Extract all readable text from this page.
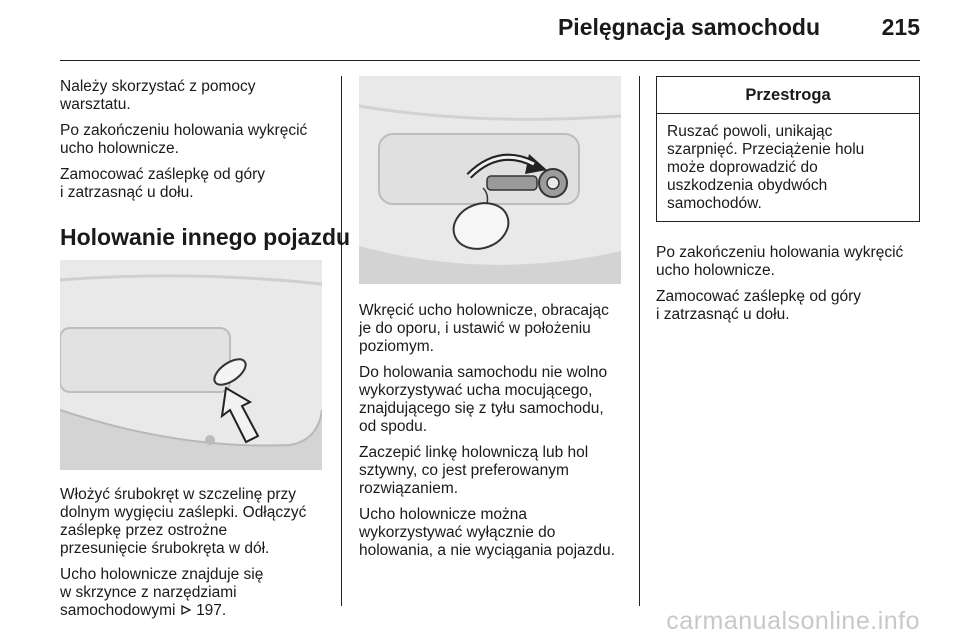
Pielęgnacja samochodu	215

Należy skorzystać z pomocy
warsztatu.

Po zakończeniu holowania wykręcić
ucho holownicze.

Zamocować zaślepkę od góry
i zatrzasnąć u dołu.

Holowanie innego pojazdu

Włożyć śrubokręt w szczelinę przy
dolnym wygięciu zaślepki. Odłączyć
zaślepkę przez ostrożne
przesunięcie śrubokręta w dół.

Ucho holownicze znajduje się
w skrzynce z narzędziami
samochodowymi 197.

Wkręcić ucho holownicze, obracając
je do oporu, i ustawić w położeniu
poziomym.

Do holowania samochodu nie wolno
wykorzystywać ucha mocującego,
znajdującego się z tyłu samochodu,
od spodu.

Zaczepić linkę holowniczą lub hol
sztywny, co jest preferowanym
rozwiązaniem.

Ucho holownicze można
wykorzystywać wyłącznie do
holowania, a nie wyciągania pojazdu.

Przestroga
Ruszać powoli, unikając
szarpnięć. Przeciążenie holu
może doprowadzić do
uszkodzenia obydwóch
samochodów.

Po zakończeniu holowania wykręcić
ucho holownicze.

Zamocować zaślepkę od góry
i zatrzasnąć u dołu.

carmanualsonline.info
